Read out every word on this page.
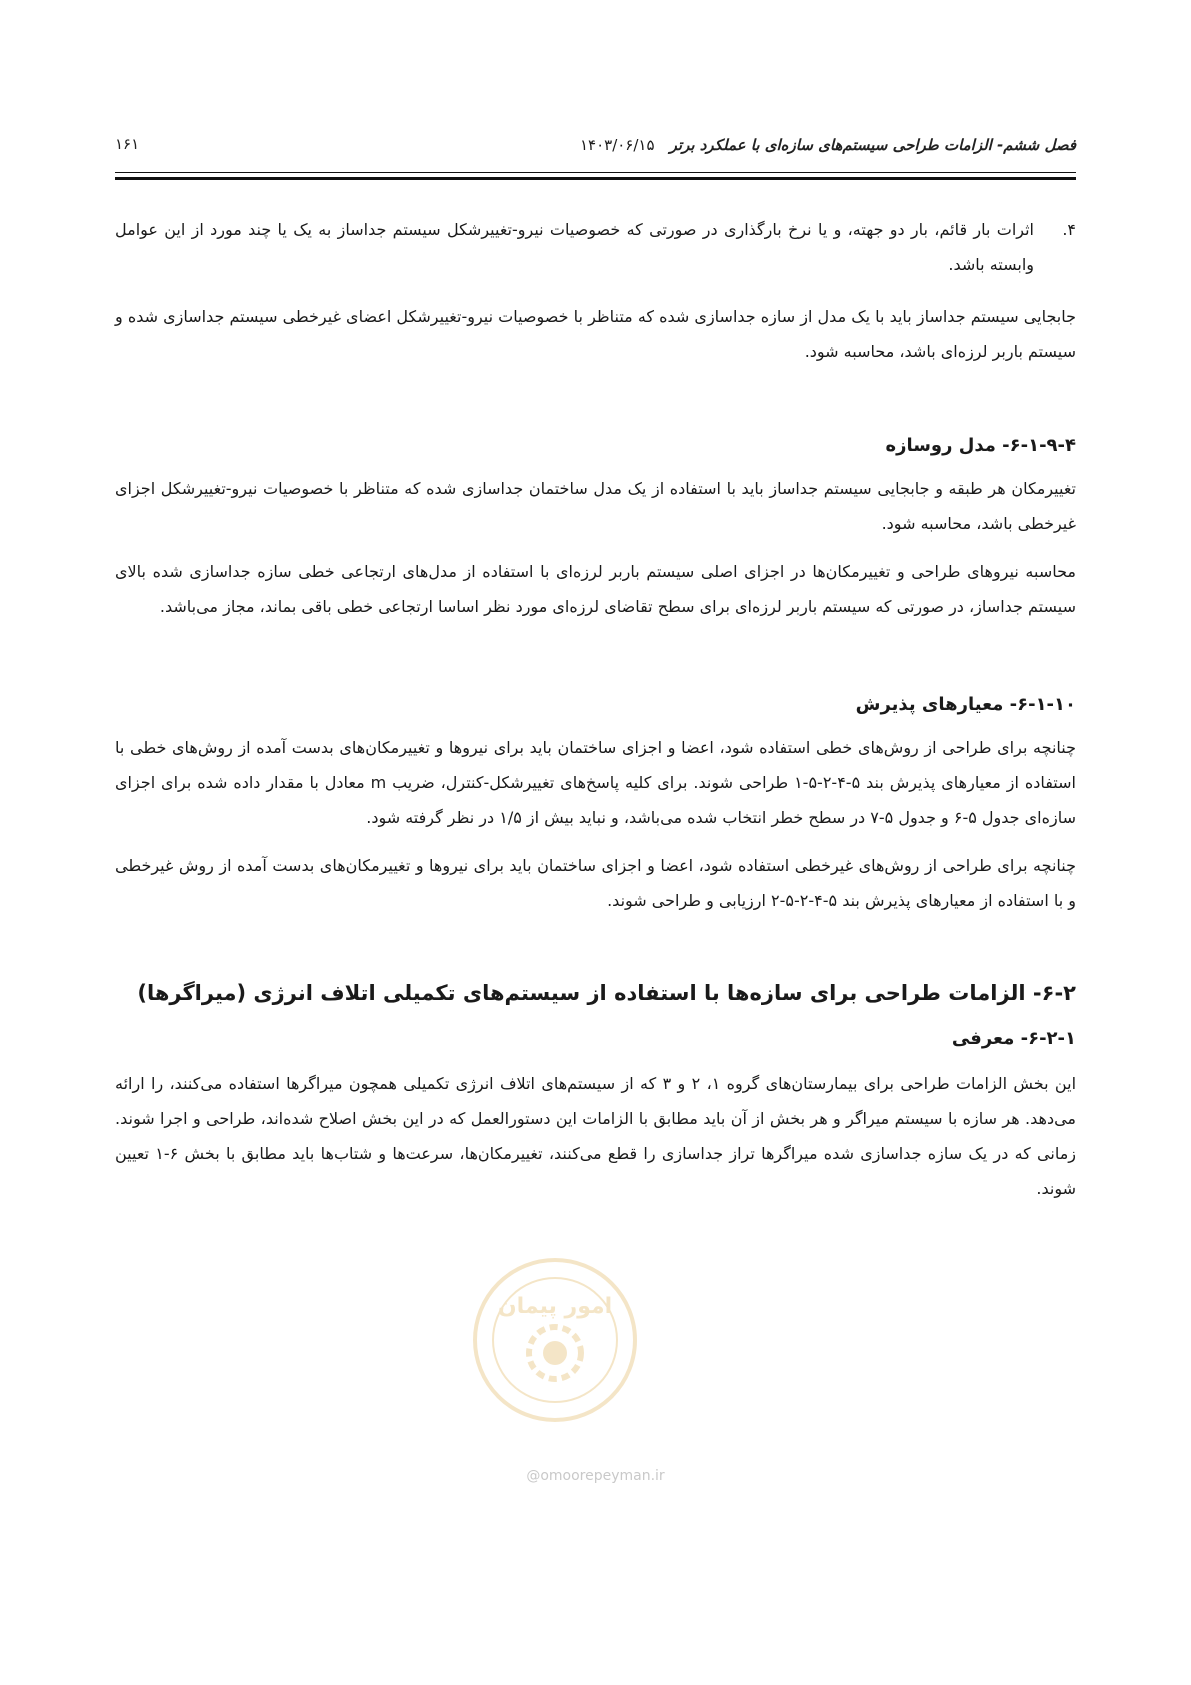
فصل ششم- الزامات طراحی سیستم‌های سازه‌ای با عملکرد برتر ۱۴۰۳/۰۶/۱۵
۱۶۱
۴.
اثرات بار قائم، بار دو جهته، و یا نرخ بارگذاری در صورتی که خصوصیات نیرو-تغییرشکل سیستم جداساز به یک یا چند مورد از این عوامل وابسته باشد.

جابجایی سیستم جداساز باید با یک مدل از سازه جداسازی شده که متناظر با خصوصیات نیرو-تغییرشکل اعضای غیرخطی سیستم جداسازی شده و سیستم باربر لرزه‌ای باشد، محاسبه شود.

۶-۱-۹-۴- مدل روسازه

تغییرمکان هر طبقه و جابجایی سیستم جداساز باید با استفاده از یک مدل ساختمان جداسازی شده که متناظر با خصوصیات نیرو-تغییرشکل اجزای غیرخطی باشد، محاسبه شود.

محاسبه نیروهای طراحی و تغییرمکان‌ها در اجزای اصلی سیستم باربر لرزه‌ای با استفاده از مدل‌های ارتجاعی خطی سازه جداسازی شده بالای سیستم جداساز، در صورتی که سیستم باربر لرزه‌ای برای سطح تقاضای لرزه‌ای مورد نظر اساسا ارتجاعی خطی باقی بماند، مجاز می‌باشد.

۶-۱-۱۰- معیارهای پذیرش

چنانچه برای طراحی از روش‌های خطی استفاده شود، اعضا و اجزای ساختمان باید برای نیروها و تغییرمکان‌های بدست آمده از روش‌های خطی با استفاده از معیارهای پذیرش بند ۵-۴-۲-۵-۱ طراحی شوند. برای کلیه پاسخ‌های تغییرشکل-کنترل، ضریب m معادل با مقدار داده شده برای اجزای سازه‌ای جدول ۵-۶ و جدول ۵-۷ در سطح خطر انتخاب شده می‌باشد، و نباید بیش از ۱/۵ در نظر گرفته شود.

چنانچه برای طراحی از روش‌های غیرخطی استفاده شود، اعضا و اجزای ساختمان باید برای نیروها و تغییرمکان‌های بدست آمده از روش غیرخطی و با استفاده از معیارهای پذیرش بند ۵-۴-۲-۵-۲ ارزیابی و طراحی شوند.

۶-۲- الزامات طراحی برای سازه‌ها با استفاده از سیستم‌های تکمیلی اتلاف انرژی (میراگرها)
۶-۲-۱- معرفی

این بخش الزامات طراحی برای بیمارستان‌های گروه ۱، ۲ و ۳ که از سیستم‌های اتلاف انرژی تکمیلی همچون میراگرها استفاده می‌کنند، را ارائه می‌دهد. هر سازه با سیستم میراگر و هر بخش از آن باید مطابق با الزامات این دستورالعمل که در این بخش اصلاح شده‌اند، طراحی و اجرا شوند. زمانی که در یک سازه جداسازی شده میراگرها تراز جداسازی را قطع می‌کنند، تغییرمکان‌ها، سرعت‌ها و شتاب‌ها باید مطابق با بخش ۶-۱ تعیین شوند.

امور پیمان
@omoorepeyman.ir
